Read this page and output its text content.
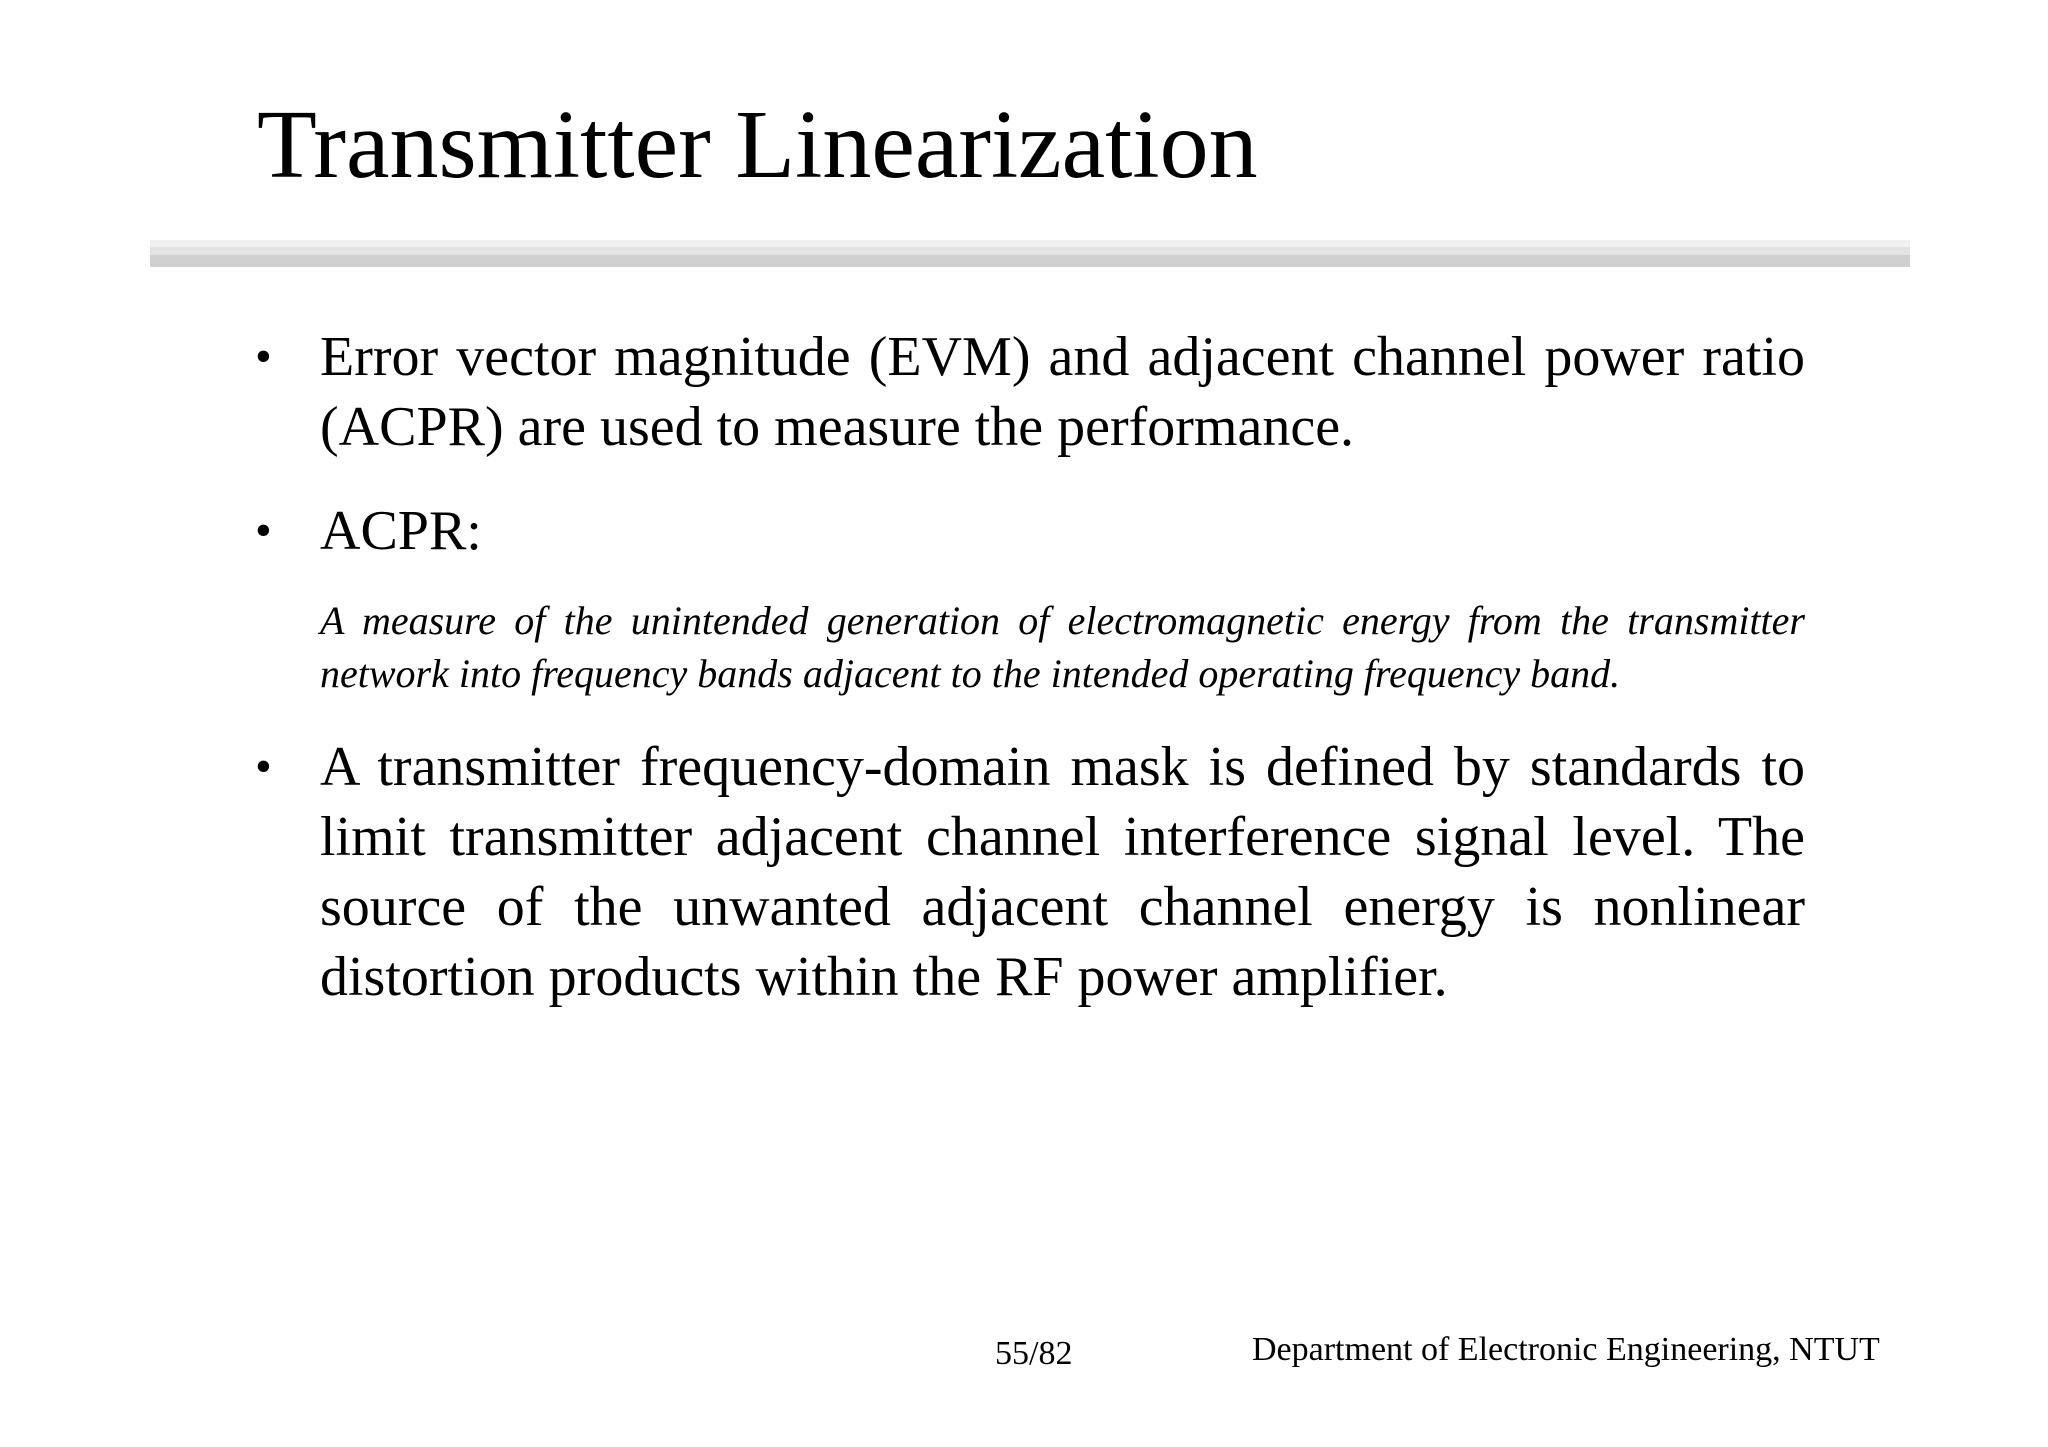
Transmitter Linearization
• Error vector magnitude (EVM) and adjacent channel power ratio (ACPR) are used to measure the performance.
• ACPR:
A measure of the unintended generation of electromagnetic energy from the transmitter network into frequency bands adjacent to the intended operating frequency band.
• A transmitter frequency-domain mask is defined by standards to limit transmitter adjacent channel interference signal level. The source of the unwanted adjacent channel energy is nonlinear distortion products within the RF power amplifier.
55/82	Department of Electronic Engineering, NTUT
